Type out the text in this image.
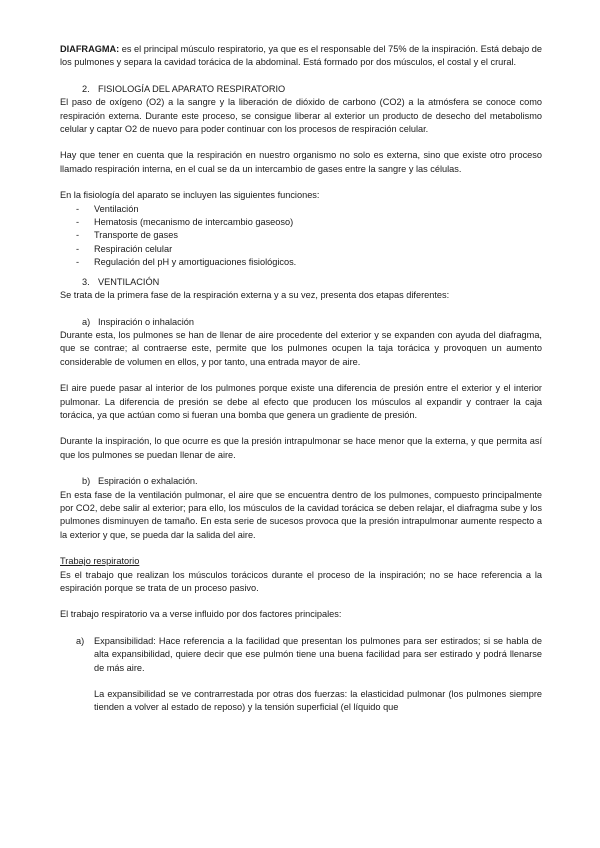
DIAFRAGMA: es el principal músculo respiratorio, ya que es el responsable del 75% de la inspiración. Está debajo de los pulmones y separa la cavidad torácica de la abdominal. Está formado por dos músculos, el costal y el crural.

2. FISIOLOGÍA DEL APARATO RESPIRATORIO

El paso de oxígeno (O2) a la sangre y la liberación de dióxido de carbono (CO2) a la atmósfera se conoce como respiración externa. Durante este proceso, se consigue liberar al exterior un producto de desecho del metabolismo celular y captar O2 de nuevo para poder continuar con los procesos de respiración celular.

Hay que tener en cuenta que la respiración en nuestro organismo no solo es externa, sino que existe otro proceso llamado respiración interna, en el cual se da un intercambio de gases entre la sangre y las células.

En la fisiología del aparato se incluyen las siguientes funciones:

-	Ventilación
-	Hematosis (mecanismo de intercambio gaseoso)
-	Transporte de gases
-	Respiración celular
-	Regulación del pH y amortiguaciones fisiológicos.
3. VENTILACIÓN

Se trata de la primera fase de la respiración externa y a su vez, presenta dos etapas diferentes:

a) Inspiración o inhalación

Durante esta, los pulmones se han de llenar de aire procedente del exterior y se expanden con ayuda del diafragma, que se contrae; al contraerse este, permite que los pulmones ocupen la taja torácica y provoquen un aumento considerable de volumen en ellos, y por tanto, una entrada mayor de aire.

El aire puede pasar al interior de los pulmones porque existe una diferencia de presión entre el exterior y el interior pulmonar. La diferencia de presión se debe al efecto que producen los músculos al expandir y contraer la caja torácica, ya que actúan como si fueran una bomba que genera un gradiente de presión.

Durante la inspiración, lo que ocurre es que la presión intrapulmonar se hace menor que la externa, y que permita así que los pulmones se puedan llenar de aire.

b) Espiración o exhalación.

En esta fase de la ventilación pulmonar, el aire que se encuentra dentro de los pulmones, compuesto principalmente por CO2, debe salir al exterior; para ello, los músculos de la cavidad torácica se deben relajar, el diafragma sube y los pulmones disminuyen de tamaño. En esta serie de sucesos provoca que la presión intrapulmonar aumente respecto a la exterior y que, se pueda dar la salida del aire.

Trabajo respiratorio

Es el trabajo que realizan los músculos torácicos durante el proceso de la inspiración; no se hace referencia a la espiración porque se trata de un proceso pasivo.

El trabajo respiratorio va a verse influido por dos factores principales:

a)	Expansibilidad: Hace referencia a la facilidad que presentan los pulmones para ser estirados; si se habla de alta expansibilidad, quiere decir que ese pulmón tiene una buena facilidad para ser estirado y podrá llenarse de más aire.

La expansibilidad se ve contrarrestada por otras dos fuerzas: la elasticidad pulmonar (los pulmones siempre tienden a volver al estado de reposo) y la tensión superficial (el líquido que
